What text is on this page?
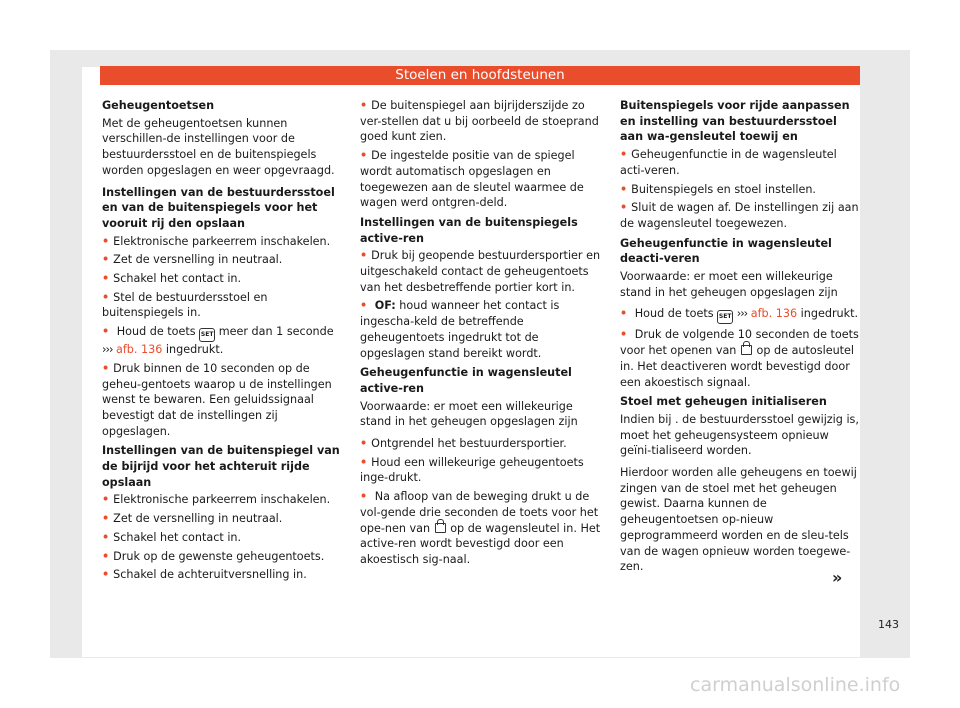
Stoelen en hoofdsteunen

Geheugentoetsen

Met de geheugentoetsen kunnen verschillen-de instellingen voor de bestuurdersstoel en de buitenspiegels worden opgeslagen en weer opgevraagd.

Instellingen van de bestuurdersstoel en van de buitenspiegels voor het vooruit rij den opslaan

• Elektronische parkeerrem inschakelen.

• Zet de versnelling in neutraal.

• Schakel het contact in.

• Stel de bestuurdersstoel en buitenspiegels in.

• Houd de toets SET meer dan 1 seconde
››› afb. 136 ingedrukt.

• Druk binnen de 10 seconden op de geheu-gentoets waarop u de instellingen wenst te bewaren. Een geluidssignaal bevestigt dat de instellingen zij opgeslagen.

Instellingen van de buitenspiegel van de bijrijd voor het achteruit rijde opslaan

• Elektronische parkeerrem inschakelen.

• Zet de versnelling in neutraal.

• Schakel het contact in.

• Druk op de gewenste geheugentoets.

• Schakel de achteruitversnelling in.

• De buitenspiegel aan bijrijderszijde zo ver-stellen dat u bij oorbeeld de stoeprand goed kunt zien.

• De ingestelde positie van de spiegel wordt automatisch opgeslagen en toegewezen aan de sleutel waarmee de wagen werd ontgren-deld.

Instellingen van de buitenspiegels active-ren

• Druk bij geopende bestuurdersportier en uitgeschakeld contact de geheugentoets van het desbetreffende portier kort in.

• OF: houd wanneer het contact is ingescha-keld de betreffende geheugentoets ingedrukt tot de opgeslagen stand bereikt wordt.

Geheugenfunctie in wagensleutel active-ren

Voorwaarde: er moet een willekeurige stand in het geheugen opgeslagen zijn

• Ontgrendel het bestuurdersportier.

• Houd een willekeurige geheugentoets inge-drukt.

• Na afloop van de beweging drukt u de vol-gende drie seconden de toets voor het ope-nen van op de wagensleutel in. Het active-ren wordt bevestigd door een akoestisch sig-naal.

Buitenspiegels voor rijde aanpassen en instelling van bestuurdersstoel aan wa-gensleutel toewij en

• Geheugenfunctie in de wagensleutel acti-veren.

• Buitenspiegels en stoel instellen.

• Sluit de wagen af. De instellingen zij aan de wagensleutel toegewezen.

Geheugenfunctie in wagensleutel deacti-veren

Voorwaarde: er moet een willekeurige stand in het geheugen opgeslagen zijn

• Houd de toets SET ››› afb. 136 ingedrukt.

• Druk de volgende 10 seconden de toets voor het openen van op de autosleutel in. Het deactiveren wordt bevestigd door een akoestisch signaal.

Stoel met geheugen initialiseren

Indien bij . de bestuurdersstoel gewijzig is, moet het geheugensysteem opnieuw geïni-tialiseerd worden.

Hierdoor worden alle geheugens en toewij zingen van de stoel met het geheugen gewist. Daarna kunnen de geheugentoetsen op-nieuw geprogrammeerd worden en de sleu-tels van de wagen opnieuw worden toegewe-zen.

»
143
carmanualsonline.info
